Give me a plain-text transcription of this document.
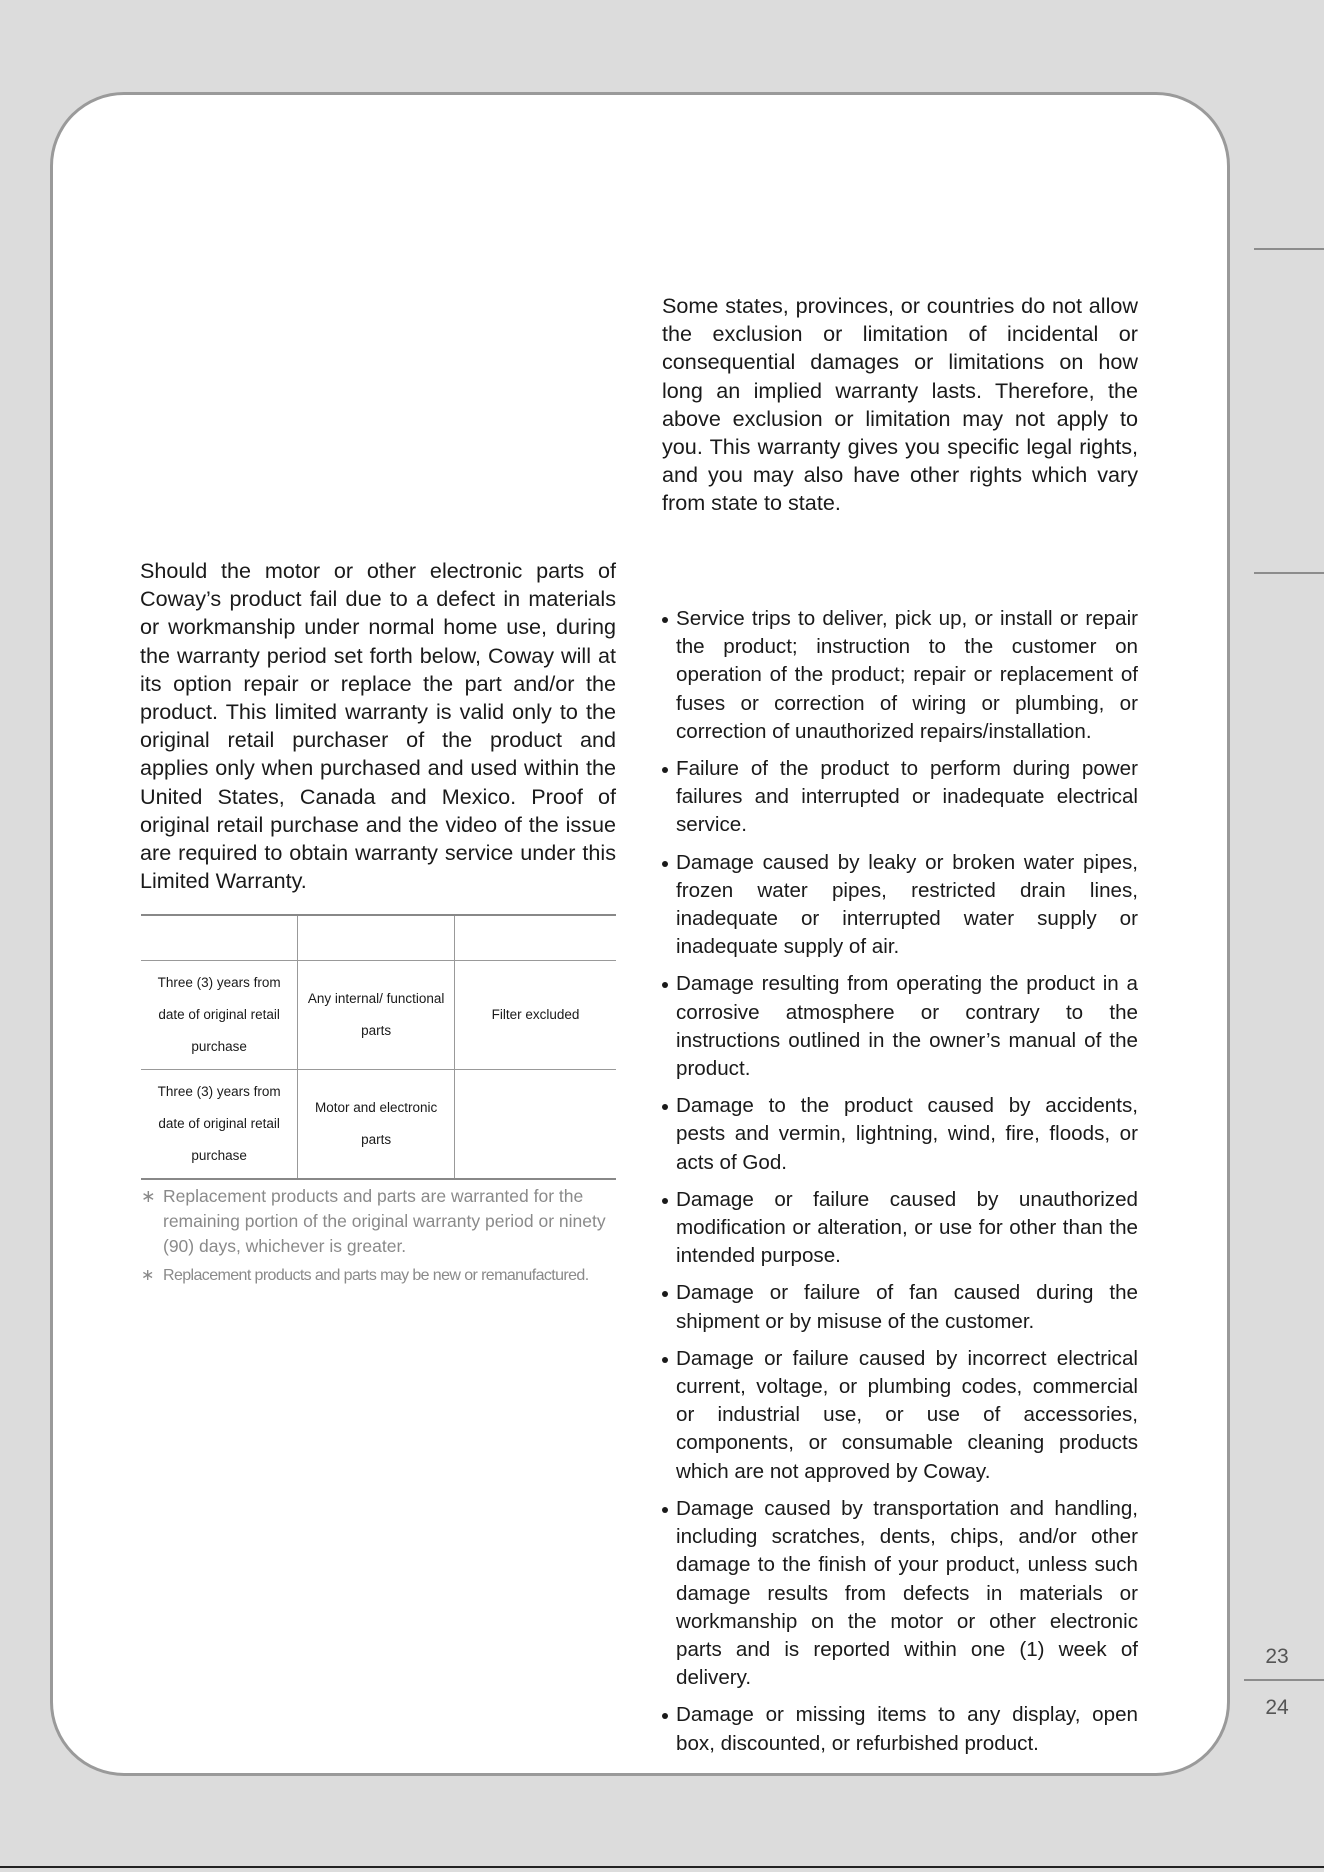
23
24

Some states, provinces, or countries do not allow the exclusion or limitation of incidental or consequential damages or limitations on how long an implied warranty lasts. Therefore, the above exclusion or limitation may not apply to you. This warranty gives you specific legal rights, and you may also have other rights which vary from state to state.

Should the motor or other electronic parts of Coway’s product fail due to a defect in materials or workmanship under normal home use, during the warranty period set forth below, Coway will at its option repair or replace the part and/or the product. This limited warranty is valid only to the original retail purchaser of the product and applies only when purchased and used within the United States, Canada and Mexico. Proof of original retail purchase and the video of the issue are required to obtain warranty service under this Limited Warranty.

Three (3) years from date of original retail purchase	Any internal/ functional parts	Filter excluded
Three (3) years from date of original retail purchase	Motor and electronic parts	
∗ Replacement products and parts are warranted for the remaining portion of the original warranty period or ninety (90) days, whichever is greater.
∗ Replacement products and parts may be new or remanufactured.
Service trips to deliver, pick up, or install or repair the product; instruction to the customer on operation of the product; repair or replacement of fuses or correction of wiring or plumbing, or correction of unauthorized repairs/installation.
Failure of the product to perform during power failures and interrupted or inadequate electrical service.
Damage caused by leaky or broken water pipes, frozen water pipes, restricted drain lines, inadequate or interrupted water supply or inadequate supply of air.
Damage resulting from operating the product in a corrosive atmosphere or contrary to the instructions outlined in the owner’s manual of the product.
Damage to the product caused by accidents, pests and vermin, lightning, wind, fire, floods, or acts of God.
Damage or failure caused by unauthorized modification or alteration, or use for other than the intended purpose.
Damage or failure of fan caused during the shipment or by misuse of the customer.
Damage or failure caused by incorrect electrical current, voltage, or plumbing codes, commercial or industrial use, or use of accessories, components, or consumable cleaning products which are not approved by Coway.
Damage caused by transportation and handling, including scratches, dents, chips, and/or other damage to the finish of your product, unless such damage results from defects in materials or workmanship on the motor or other electronic parts and is reported within one (1) week of delivery.
Damage or missing items to any display, open box, discounted, or refurbished product.
